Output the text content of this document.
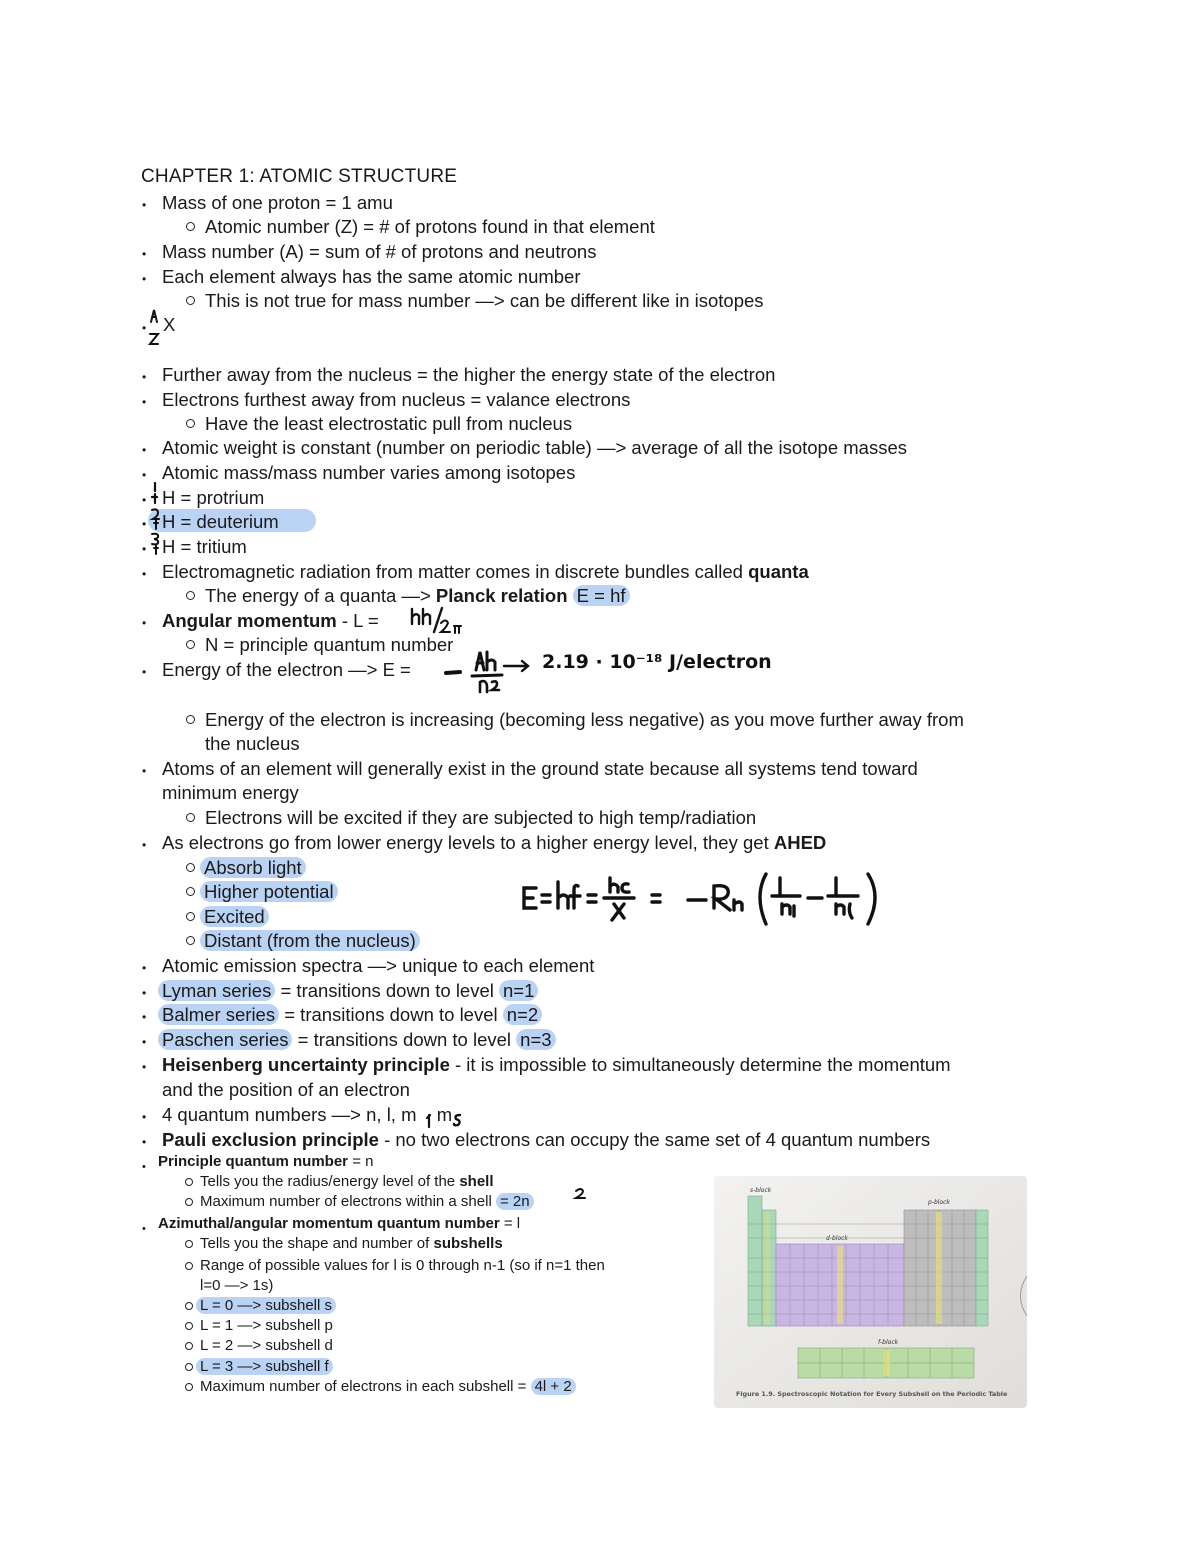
CHAPTER 1: ATOMIC STRUCTURE
• Mass of one proton = 1 amu
Atomic number (Z) = # of protons found in that element
• Mass number (A) = sum of # of protons and neutrons
• Each element always has the same atomic number
This is not true for mass number —> can be different like in isotopes
• X
• Further away from the nucleus = the higher the energy state of the electron
• Electrons furthest away from nucleus = valance electrons
Have the least electrostatic pull from nucleus
• Atomic weight is constant (number on periodic table) —> average of all the isotope masses
• Atomic mass/mass number varies among isotopes
• H = protrium
• H = deuterium
• H = tritium
• Electromagnetic radiation from matter comes in discrete bundles called quanta
The energy of a quanta —> Planck relation E = hf
• Angular momentum - L =
N = principle quantum number
• Energy of the electron —> E =	2.19 · 10⁻¹⁸ J/electron
Energy of the electron is increasing (becoming less negative) as you move further away from
the nucleus
• Atoms of an element will generally exist in the ground state because all systems tend toward
minimum energy
Electrons will be excited if they are subjected to high temp/radiation
• As electrons go from lower energy levels to a higher energy level, they get AHED
Absorb light
Higher potential
Excited
Distant (from the nucleus)
• Atomic emission spectra —> unique to each element
• Lyman series = transitions down to level n=1
• Balmer series = transitions down to level n=2
• Paschen series = transitions down to level n=3
• Heisenberg uncertainty principle - it is impossible to simultaneously determine the momentum
and the position of an electron
• 4 quantum numbers —> n, l, m , m
• Pauli exclusion principle - no two electrons can occupy the same set of 4 quantum numbers
• Principle quantum number = n
Tells you the radius/energy level of the shell
Maximum number of electrons within a shell = 2n
• Azimuthal/angular momentum quantum number = l
Tells you the shape and number of subshells
Range of possible values for l is 0 through n-1 (so if n=1 then
l=0 —> 1s)
L = 0 —> subshell s
L = 1 —> subshell p
L = 2 —> subshell d
L = 3 —> subshell f
Maximum number of electrons in each subshell = 4l + 2
s-block
d-block
p-block
f-block
Figure 1.9. Spectroscopic Notation for Every Subshell on the Periodic Table
